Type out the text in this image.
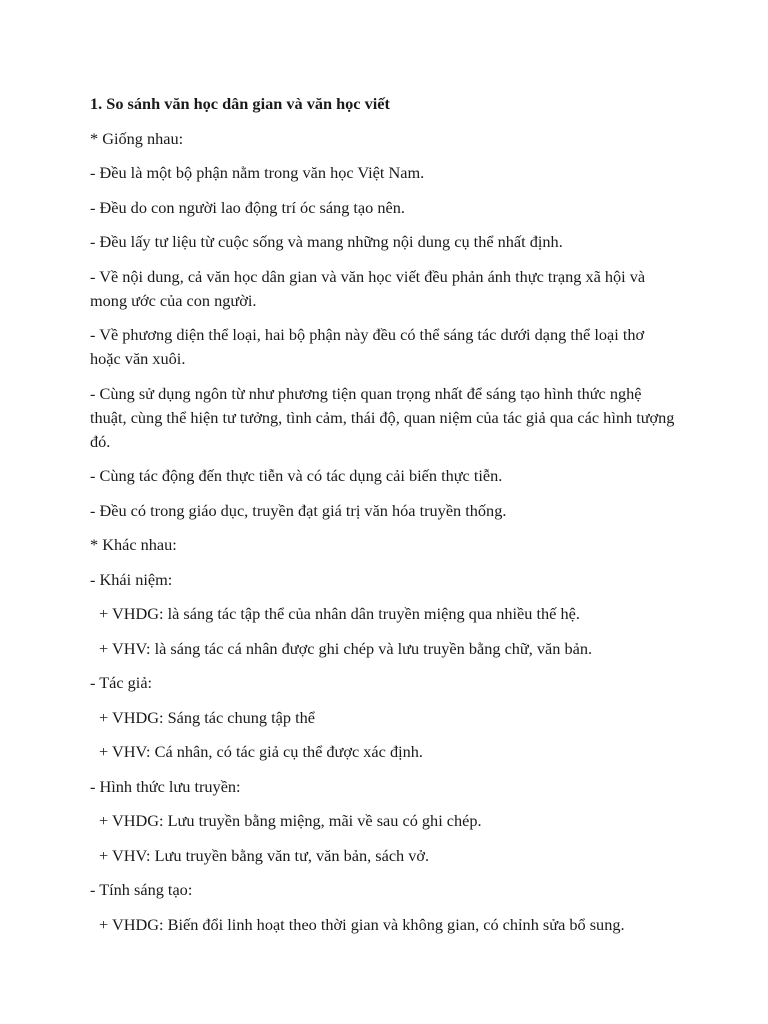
1. So sánh văn học dân gian và văn học viết

* Giống nhau:

- Đều là một bộ phận nằm trong văn học Việt Nam.

- Đều do con người lao động trí óc sáng tạo nên.

- Đều lấy tư liệu từ cuộc sống và mang những nội dung cụ thể nhất định.

- Về nội dung, cả văn học dân gian và văn học viết đều phản ánh thực trạng xã hội và mong ước của con người.

- Về phương diện thể loại, hai bộ phận này đều có thể sáng tác dưới dạng thể loại thơ hoặc văn xuôi.

- Cùng sử dụng ngôn từ như phương tiện quan trọng nhất để sáng tạo hình thức nghệ thuật, cùng thể hiện tư tưởng, tình cảm, thái độ, quan niệm của tác giả qua các hình tượng đó.

- Cùng tác động đến thực tiễn và có tác dụng cải biến thực tiễn.

- Đều có trong giáo dục, truyền đạt giá trị văn hóa truyền thống.

* Khác nhau:

- Khái niệm:

+ VHDG: là sáng tác tập thể của nhân dân truyền miệng qua nhiều thế hệ.

+ VHV: là sáng tác cá nhân được ghi chép và lưu truyền bằng chữ, văn bản.

- Tác giả:

+ VHDG: Sáng tác chung tập thể

+ VHV: Cá nhân, có tác giả cụ thể được xác định.

- Hình thức lưu truyền:

+ VHDG: Lưu truyền bằng miệng, mãi về sau có ghi chép.

+ VHV: Lưu truyền bằng văn tư, văn bản, sách vở.

- Tính sáng tạo:

+ VHDG: Biến đổi linh hoạt theo thời gian và không gian, có chỉnh sửa bổ sung.
